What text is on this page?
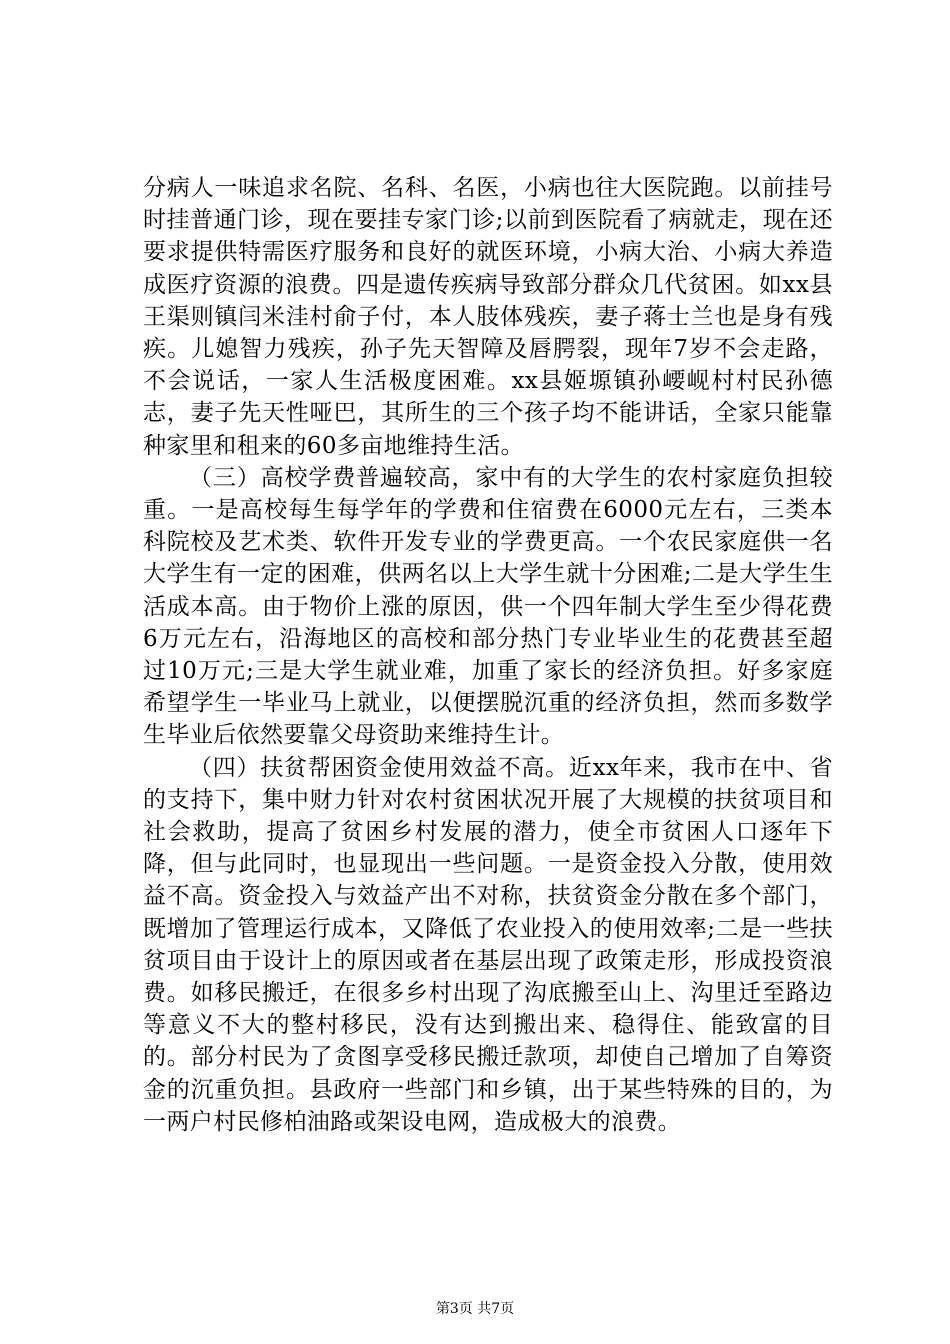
分病人一味追求名院、名科、名医，小病也往大医院跑。以前挂号时挂普通门诊，现在要挂专家门诊;以前到医院看了病就走，现在还要求提供特需医疗服务和良好的就医环境，小病大治、小病大养造成医疗资源的浪费。四是遗传疾病导致部分群众几代贫困。如xx县王渠则镇闫米洼村俞子付，本人肢体残疾，妻子蒋士兰也是身有残疾。儿媳智力残疾，孙子先天智障及唇腭裂，现年7岁不会走路，不会说话，一家人生活极度困难。xx县姬塬镇孙崾岘村村民孙德志，妻子先天性哑巴，其所生的三个孩子均不能讲话，全家只能靠种家里和租来的60多亩地维持生活。

（三）高校学费普遍较高，家中有的大学生的农村家庭负担较重。一是高校每生每学年的学费和住宿费在6000元左右，三类本科院校及艺术类、软件开发专业的学费更高。一个农民家庭供一名大学生有一定的困难，供两名以上大学生就十分困难;二是大学生生活成本高。由于物价上涨的原因，供一个四年制大学生至少得花费6万元左右，沿海地区的高校和部分热门专业毕业生的花费甚至超过10万元;三是大学生就业难，加重了家长的经济负担。好多家庭希望学生一毕业马上就业，以便摆脱沉重的经济负担，然而多数学生毕业后依然要靠父母资助来维持生计。

（四）扶贫帮困资金使用效益不高。近xx年来，我市在中、省的支持下，集中财力针对农村贫困状况开展了大规模的扶贫项目和社会救助，提高了贫困乡村发展的潜力，使全市贫困人口逐年下降，但与此同时，也显现出一些问题。一是资金投入分散，使用效益不高。资金投入与效益产出不对称，扶贫资金分散在多个部门，既增加了管理运行成本，又降低了农业投入的使用效率;二是一些扶贫项目由于设计上的原因或者在基层出现了政策走形，形成投资浪费。如移民搬迁，在很多乡村出现了沟底搬至山上、沟里迁至路边等意义不大的整村移民，没有达到搬出来、稳得住、能致富的目的。部分村民为了贪图享受移民搬迁款项，却使自己增加了自筹资金的沉重负担。县政府一些部门和乡镇，出于某些特殊的目的，为一两户村民修柏油路或架设电网，造成极大的浪费。

第3页 共7页
